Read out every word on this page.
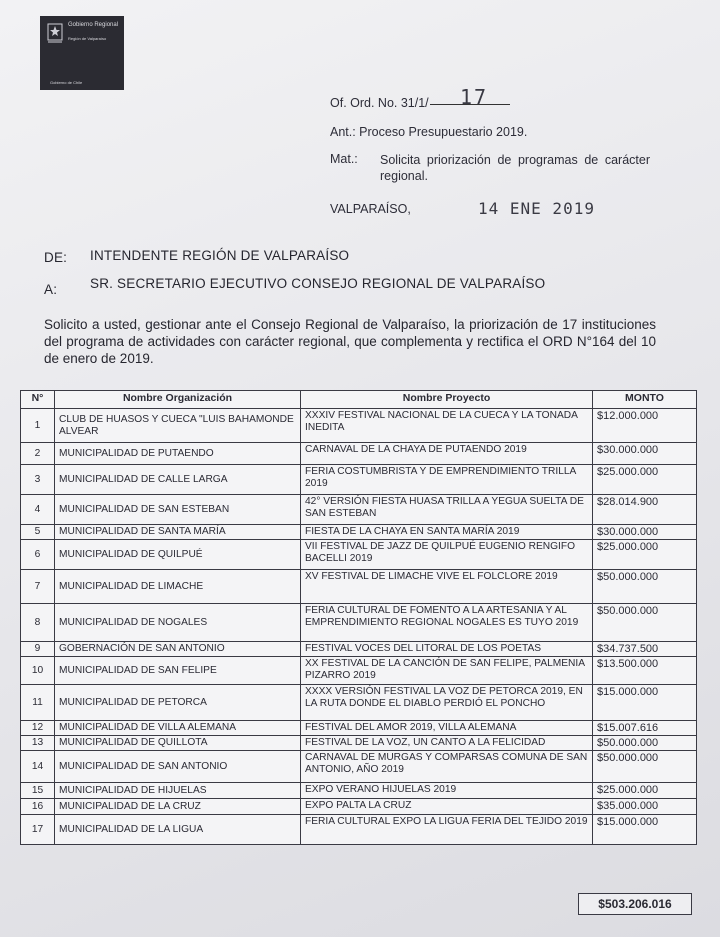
Gobierno Regional
Región de Valparaíso
Gobierno de Chile
Of. Ord. No. 31/1/ 17
Ant.: Proceso Presupuestario 2019.
Mat.: Solicita priorización de programas de carácter regional.
VALPARAÍSO,	14 ENE 2019
DE: INTENDENTE REGIÓN DE VALPARAÍSO
A: SR. SECRETARIO EJECUTIVO CONSEJO REGIONAL DE VALPARAÍSO
Solicito a usted, gestionar ante el Consejo Regional de Valparaíso, la priorización de 17 instituciones del programa de actividades con carácter regional, que complementa y rectifica el ORD N°164 del 10 de enero de 2019.
N°	Nombre Organización	Nombre Proyecto	MONTO
1	CLUB DE HUASOS Y CUECA "LUIS BAHAMONDE ALVEAR	XXXIV FESTIVAL NACIONAL DE LA CUECA Y LA TONADA INEDITA	$12.000.000
2	MUNICIPALIDAD DE PUTAENDO	CARNAVAL DE LA CHAYA DE PUTAENDO 2019	$30.000.000
3	MUNICIPALIDAD DE CALLE LARGA	FERIA COSTUMBRISTA Y DE EMPRENDIMIENTO TRILLA 2019	$25.000.000
4	MUNICIPALIDAD DE SAN ESTEBAN	42° VERSIÓN FIESTA HUASA TRILLA A YEGUA SUELTA DE SAN ESTEBAN	$28.014.900
5	MUNICIPALIDAD DE SANTA MARÍA	FIESTA DE LA CHAYA EN SANTA MARÍA 2019	$30.000.000
6	MUNICIPALIDAD DE QUILPUÉ	VII FESTIVAL DE JAZZ DE QUILPUÉ EUGENIO RENGIFO BACELLI 2019	$25.000.000
7	MUNICIPALIDAD DE LIMACHE	XV FESTIVAL DE LIMACHE VIVE EL FOLCLORE 2019	$50.000.000
8	MUNICIPALIDAD DE NOGALES	FERIA CULTURAL DE FOMENTO A LA ARTESANIA Y AL EMPRENDIMIENTO REGIONAL NOGALES ES TUYO 2019	$50.000.000
9	GOBERNACIÓN DE SAN ANTONIO	FESTIVAL VOCES DEL LITORAL DE LOS POETAS	$34.737.500
10	MUNICIPALIDAD DE SAN FELIPE	XX FESTIVAL DE LA CANCIÓN DE SAN FELIPE, PALMENIA PIZARRO 2019	$13.500.000
11	MUNICIPALIDAD DE PETORCA	XXXX VERSIÓN FESTIVAL LA VOZ DE PETORCA 2019, EN LA RUTA DONDE EL DIABLO PERDIÓ EL PONCHO	$15.000.000
12	MUNICIPALIDAD DE VILLA ALEMANA	FESTIVAL DEL AMOR 2019, VILLA ALEMANA	$15.007.616
13	MUNICIPALIDAD DE QUILLOTA	FESTIVAL DE LA VOZ, UN CANTO A LA FELICIDAD	$50.000.000
14	MUNICIPALIDAD DE SAN ANTONIO	CARNAVAL DE MURGAS Y COMPARSAS COMUNA DE SAN ANTONIO, AÑO 2019	$50.000.000
15	MUNICIPALIDAD DE HIJUELAS	EXPO VERANO HIJUELAS 2019	$25.000.000
16	MUNICIPALIDAD DE LA CRUZ	EXPO PALTA LA CRUZ	$35.000.000
17	MUNICIPALIDAD DE LA LIGUA	FERIA CULTURAL EXPO LA LIGUA FERIA DEL TEJIDO 2019	$15.000.000
$503.206.016
